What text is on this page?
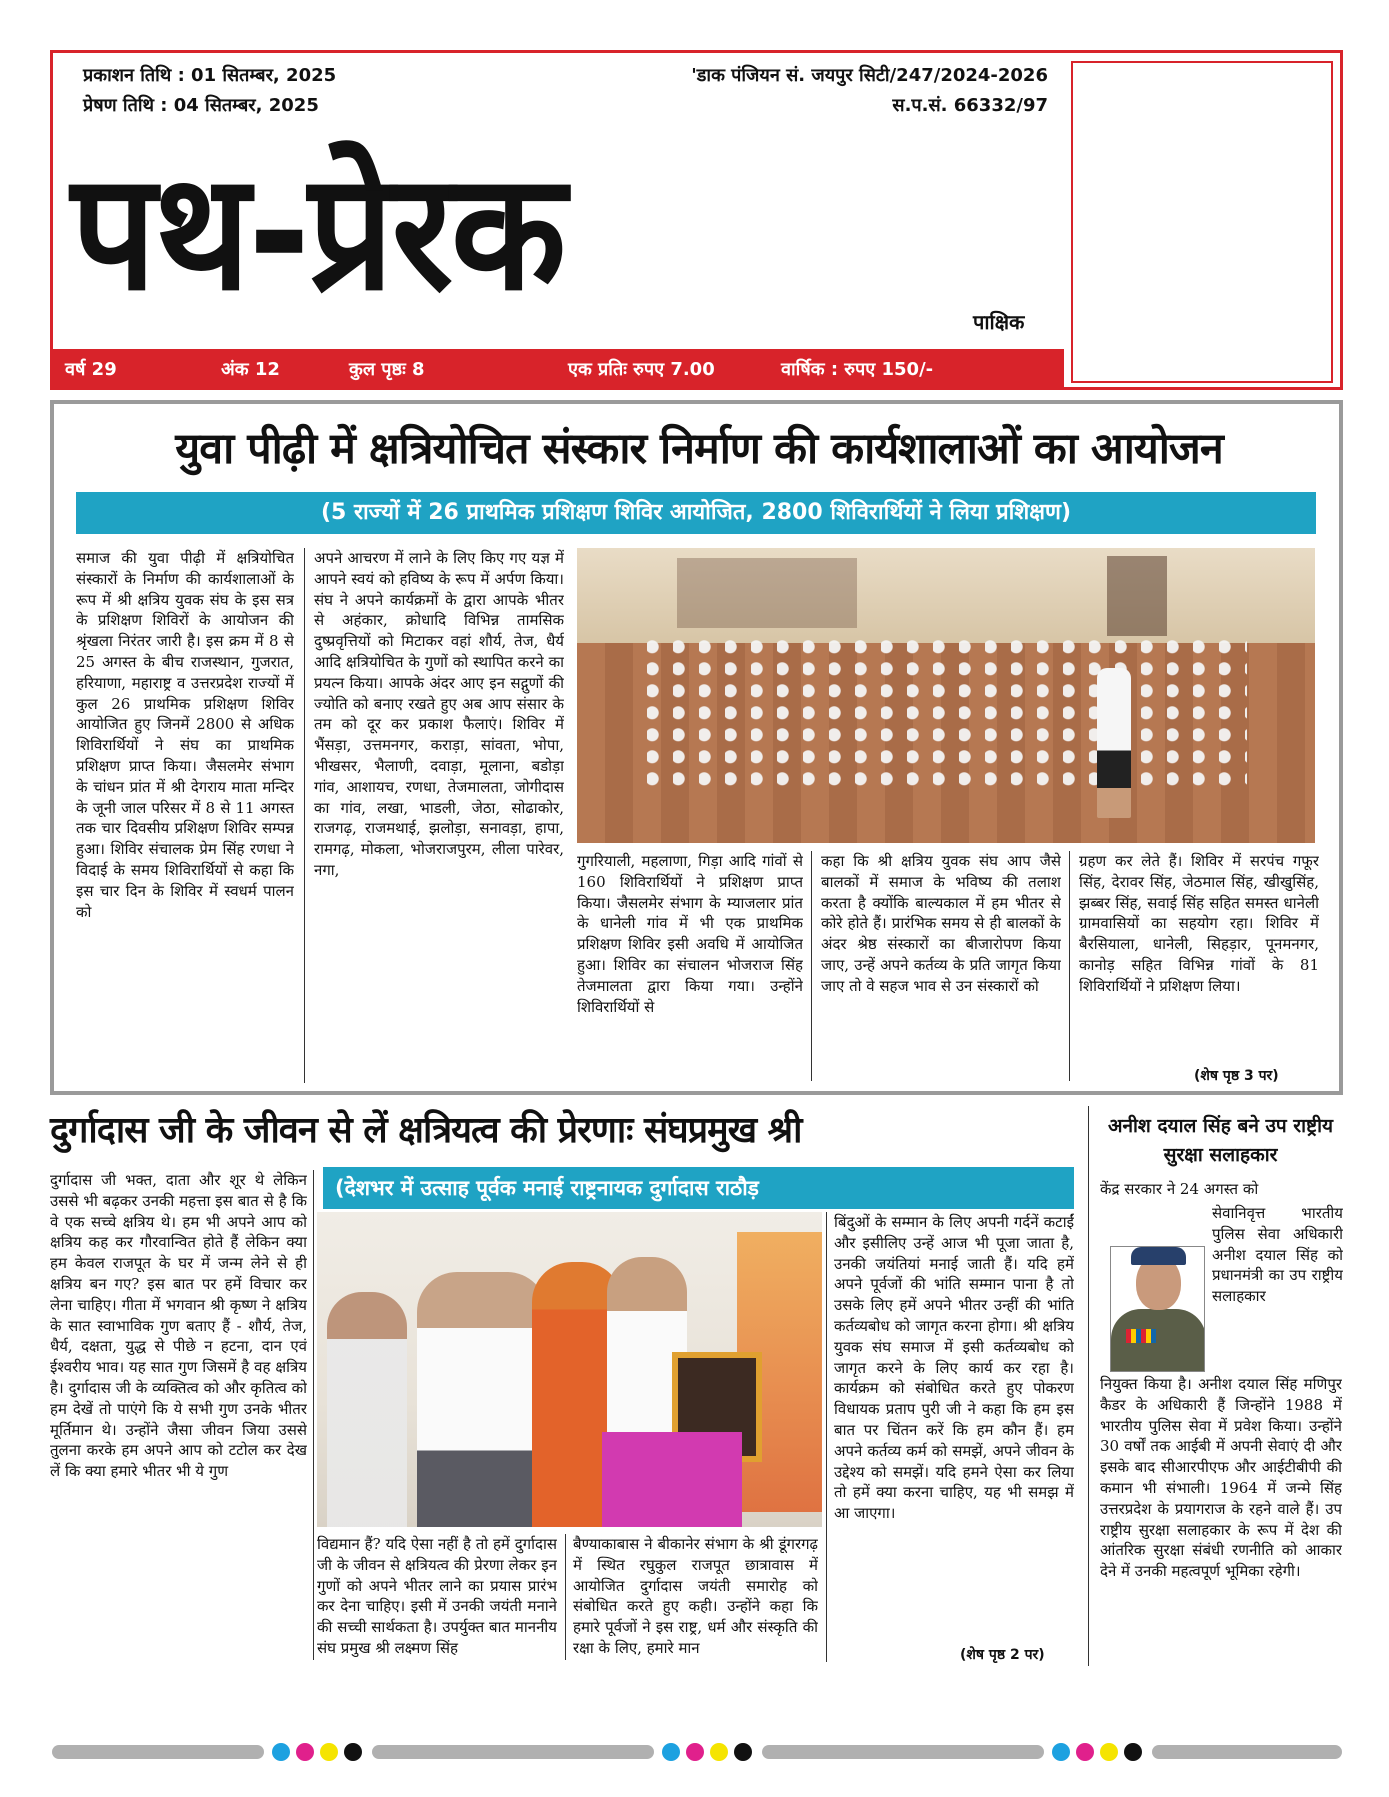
प्रकाशन तिथि : 01 सितम्बर, 2025
प्रेषण तिथि : 04 सितम्बर, 2025
'डाक पंजियन सं. जयपुर सिटी/247/2024-2026
स.प.सं. 66332/97
पथ-प्रेरक	पाक्षिक
वर्ष 29	अंक 12	कुल पृष्ठः 8	एक प्रतिः रुपए 7.00	वार्षिक : रुपए 150/-
युवा पीढ़ी में क्षत्रियोचित संस्कार निर्माण की कार्यशालाओं का आयोजन
(5 राज्यों में 26 प्राथमिक प्रशिक्षण शिविर आयोजित, 2800 शिविरार्थियों ने लिया प्रशिक्षण)
समाज की युवा पीढ़ी में क्षत्रियोचित संस्कारों के निर्माण की कार्यशालाओं के रूप में श्री क्षत्रिय युवक संघ के इस सत्र के प्रशिक्षण शिविरों के आयोजन की श्रृंखला निरंतर जारी है। इस क्रम में 8 से 25 अगस्त के बीच राजस्थान, गुजरात, हरियाणा, महाराष्ट्र व उत्तरप्रदेश राज्यों में कुल 26 प्राथमिक प्रशिक्षण शिविर आयोजित हुए जिनमें 2800 से अधिक शिविरार्थियों ने संघ का प्राथमिक प्रशिक्षण प्राप्त किया। जैसलमेर संभाग के चांधन प्रांत में श्री देगराय माता मन्दिर के जूनी जाल परिसर में 8 से 11 अगस्त तक चार दिवसीय प्रशिक्षण शिविर सम्पन्न हुआ। शिविर संचालक प्रेम सिंह रणधा ने विदाई के समय शिविरार्थियों से कहा कि इस चार दिन के शिविर में स्वधर्म पालन को
अपने आचरण में लाने के लिए किए गए यज्ञ में आपने स्वयं को हविष्य के रूप में अर्पण किया। संघ ने अपने कार्यक्रमों के द्वारा आपके भीतर से अहंकार, क्रोधादि विभिन्न तामसिक दुष्प्रवृत्तियों को मिटाकर वहां शौर्य, तेज, धैर्य आदि क्षत्रियोचित के गुणों को स्थापित करने का प्रयत्न किया। आपके अंदर आए इन सद्गुणों की ज्योति को बनाए रखते हुए अब आप संसार के तम को दूर कर प्रकाश फैलाएं। शिविर में भैंसड़ा, उत्तमनगर, कराड़ा, सांवता, भोपा, भीखसर, भैलाणी, दवाड़ा, मूलाना, बडोड़ा गांव, आशायच, रणधा, तेजमालता, जोगीदास का गांव, लखा, भाडली, जेठा, सोढाकोर, राजगढ़, राजमथाई, झलोड़ा, सनावड़ा, हापा, रामगढ़, मोकला, भोजराजपुरम, लीला पारेवर, नगा,	गुगरियाली, महलाणा, गिड़ा आदि गांवों से 160 शिविरार्थियों ने प्रशिक्षण प्राप्त किया। जैसलमेर संभाग के म्याजलार प्रांत के धानेली गांव में भी एक प्राथमिक प्रशिक्षण शिविर इसी अवधि में आयोजित हुआ। शिविर का संचालन भोजराज सिंह तेजमालता द्वारा किया गया। उन्होंने शिविरार्थियों से
कहा कि श्री क्षत्रिय युवक संघ आप जैसे बालकों में समाज के भविष्य की तलाश करता है क्योंकि बाल्यकाल में हम भीतर से कोरे होते हैं। प्रारंभिक समय से ही बालकों के अंदर श्रेष्ठ संस्कारों का बीजारोपण किया जाए, उन्हें अपने कर्तव्य के प्रति जागृत किया जाए तो वे सहज भाव से उन संस्कारों को
ग्रहण कर लेते हैं। शिविर में सरपंच गफूर सिंह, देरावर सिंह, जेठमाल सिंह, खीखुसिंह, झब्बर सिंह, सवाई सिंह सहित समस्त धानेली ग्रामवासियों का सहयोग रहा। शिविर में बैरसियाला, धानेली, सिहड़ार, पूनमनगर, कानोड़ सहित विभिन्न गांवों के 81 शिविरार्थियों ने प्रशिक्षण लिया।
(शेष पृष्ठ 3 पर)
दुर्गादास जी के जीवन से लें क्षत्रियत्व की प्रेरणाः संघप्रमुख श्री
(देशभर में उत्साह पूर्वक मनाई राष्ट्रनायक दुर्गादास राठौड़
दुर्गादास जी भक्त, दाता और शूर थे लेकिन उससे भी बढ़कर उनकी महत्ता इस बात से है कि वे एक सच्चे क्षत्रिय थे। हम भी अपने आप को क्षत्रिय कह कर गौरवान्वित होते हैं लेकिन क्या हम केवल राजपूत के घर में जन्म लेने से ही क्षत्रिय बन गए? इस बात पर हमें विचार कर लेना चाहिए। गीता में भगवान श्री कृष्ण ने क्षत्रिय के सात स्वाभाविक गुण बताए हैं - शौर्य, तेज, धैर्य, दक्षता, युद्ध से पीछे न हटना, दान एवं ईश्वरीय भाव। यह सात गुण जिसमें है वह क्षत्रिय है। दुर्गादास जी के व्यक्तित्व को और कृतित्व को हम देखें तो पाएंगे कि ये सभी गुण उनके भीतर मूर्तिमान थे। उन्होंने जैसा जीवन जिया उससे तुलना करके हम अपने आप को टटोल कर देख लें कि क्या हमारे भीतर भी ये गुण
विद्यमान हैं? यदि ऐसा नहीं है तो हमें दुर्गादास जी के जीवन से क्षत्रियत्व की प्रेरणा लेकर इन गुणों को अपने भीतर लाने का प्रयास प्रारंभ कर देना चाहिए। इसी में उनकी जयंती मनाने की सच्ची सार्थकता है। उपर्युक्त बात माननीय संघ प्रमुख श्री लक्ष्मण सिंह
बैण्याकाबास ने बीकानेर संभाग के श्री डूंगरगढ़ में स्थित रघुकुल राजपूत छात्रावास में आयोजित दुर्गादास जयंती समारोह को संबोधित करते हुए कही। उन्होंने कहा कि हमारे पूर्वजों ने इस राष्ट्र, धर्म और संस्कृति की रक्षा के लिए, हमारे मान
बिंदुओं के सम्मान के लिए अपनी गर्दनें कटाईं और इसीलिए उन्हें आज भी पूजा जाता है, उनकी जयंतियां मनाई जाती हैं। यदि हमें अपने पूर्वजों की भांति सम्मान पाना है तो उसके लिए हमें अपने भीतर उन्हीं की भांति कर्तव्यबोध को जागृत करना होगा। श्री क्षत्रिय युवक संघ समाज में इसी कर्तव्यबोध को जागृत करने के लिए कार्य कर रहा है। कार्यक्रम को संबोधित करते हुए पोकरण विधायक प्रताप पुरी जी ने कहा कि हम इस बात पर चिंतन करें कि हम कौन हैं। हम अपने कर्तव्य कर्म को समझें, अपने जीवन के उद्देश्य को समझें। यदि हमने ऐसा कर लिया तो हमें क्या करना चाहिए, यह भी समझ में आ जाएगा।
(शेष पृष्ठ 2 पर)
अनीश दयाल सिंह बने उप राष्ट्रीय सुरक्षा सलाहकार
केंद्र सरकार ने 24 अगस्त को
सेवानिवृत्त भारतीय पुलिस सेवा अधिकारी अनीश दयाल सिंह को प्रधानमंत्री का उप राष्ट्रीय सलाहकार
नियुक्त किया है। अनीश दयाल सिंह मणिपुर कैडर के अधिकारी हैं जिन्होंने 1988 में भारतीय पुलिस सेवा में प्रवेश किया। उन्होंने 30 वर्षों तक आईबी में अपनी सेवाएं दी और इसके बाद सीआरपीएफ और आईटीबीपी की कमान भी संभाली। 1964 में जन्मे सिंह उत्तरप्रदेश के प्रयागराज के रहने वाले हैं। उप राष्ट्रीय सुरक्षा सलाहकार के रूप में देश की आंतरिक सुरक्षा संबंधी रणनीति को आकार देने में उनकी महत्वपूर्ण भूमिका रहेगी।
